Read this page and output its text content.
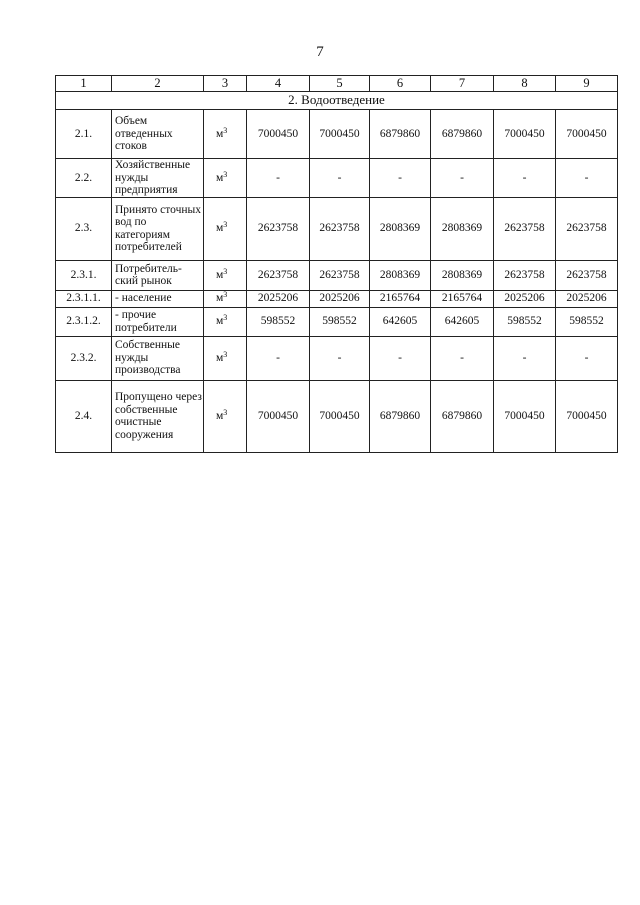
7
1	2	3	4	5	6	7	8	9
2. Водоотведение								
2.1.	Объем отведенных стоков	$м^3$	7000450	7000450	6879860	6879860	7000450	7000450
2.2.	Хозяйственные нужды предприятия	$м^3$	-	-	-	-	-	-
2.3.	Принято сточных вод по категориям потребителей	$м^3$	2623758	2623758	2808369	2808369	2623758	2623758
2.3.1.	Потребитель-ский рынок	$м^3$	2623758	2623758	2808369	2808369	2623758	2623758
2.3.1.1.	- население	$м^3$	2025206	2025206	2165764	2165764	2025206	2025206
2.3.1.2.	- прочие потребители	$м^3$	598552	598552	642605	642605	598552	598552
2.3.2.	Собственные нужды производства	$м^3$	-	-	-	-	-	-
2.4.	Пропущено через собственные очистные сооружения	$м^3$	7000450	7000450	6879860	6879860	7000450	7000450
